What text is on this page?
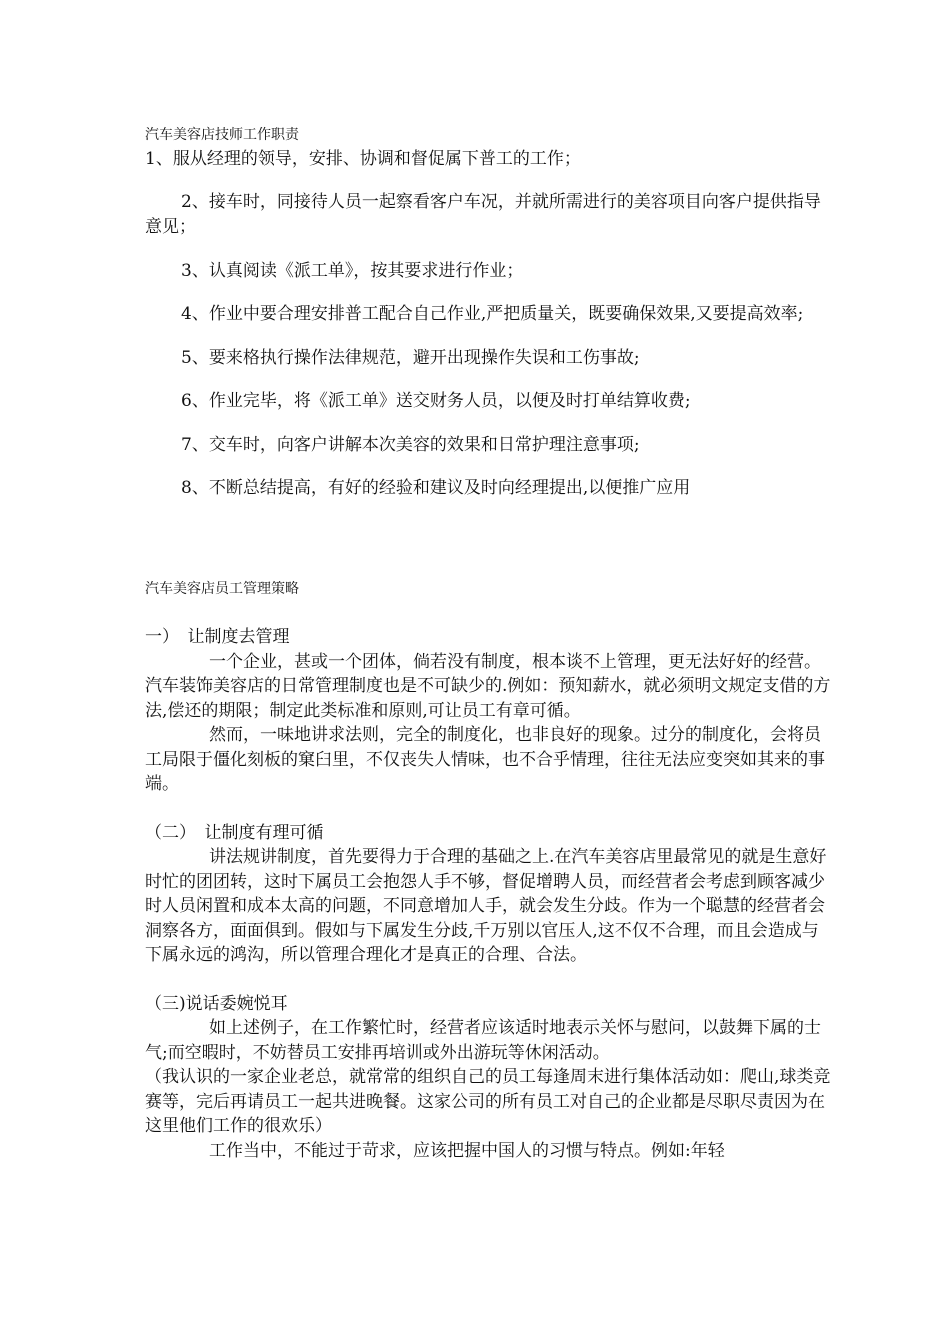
汽车美容店技师工作职责

1、服从经理的领导，安排、协调和督促属下普工的工作；

2、接车时，同接待人员一起察看客户车况，并就所需进行的美容项目向客户提供指导意见；

3、认真阅读《派工单》，按其要求进行作业；

4、作业中要合理安排普工配合自己作业,严把质量关，既要确保效果,又要提高效率;

5、要来格执行操作法律规范，避开出现操作失误和工伤事故;

6、作业完毕，将《派工单》送交财务人员，以便及时打单结算收费;

7、交车时，向客户讲解本次美容的效果和日常护理注意事项;

8、不断总结提高，有好的经验和建议及时向经理提出,以便推广应用

汽车美容店员工管理策略
一）　让制度去管理

一个企业，甚或一个团体，倘若没有制度，根本谈不上管理，更无法好好的经营。汽车装饰美容店的日常管理制度也是不可缺少的.例如：预知薪水，就必须明文规定支借的方法,偿还的期限；制定此类标准和原则,可让员工有章可循。

然而，一味地讲求法则，完全的制度化，也非良好的现象。过分的制度化，会将员工局限于僵化刻板的窠臼里，不仅丧失人情味，也不合乎情理，往往无法应变突如其来的事端。

（二）　让制度有理可循

讲法规讲制度，首先要得力于合理的基础之上.在汽车美容店里最常见的就是生意好时忙的团团转，这时下属员工会抱怨人手不够，督促增聘人员，而经营者会考虑到顾客减少时人员闲置和成本太高的问题，不同意增加人手，就会发生分歧。作为一个聪慧的经营者会洞察各方，面面俱到。假如与下属发生分歧,千万别以官压人,这不仅不合理，而且会造成与下属永远的鸿沟，所以管理合理化才是真正的合理、合法。

（三)说话委婉悦耳

如上述例子，在工作繁忙时，经营者应该适时地表示关怀与慰问，以鼓舞下属的士气;而空暇时，不妨替员工安排再培训或外出游玩等休闲活动。

（我认识的一家企业老总，就常常的组织自己的员工每逢周末进行集体活动如：爬山,球类竞赛等，完后再请员工一起共进晚餐。这家公司的所有员工对自己的企业都是尽职尽责因为在这里他们工作的很欢乐）

工作当中，不能过于苛求，应该把握中国人的习惯与特点。例如:年轻
